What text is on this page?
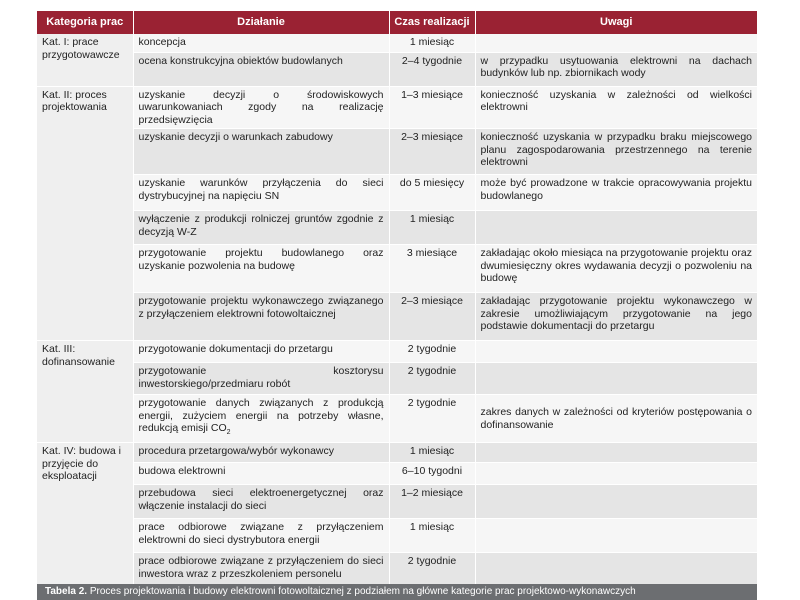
Kategoria prac	Działanie	Czas realizacji	Uwagi
Kat. I: prace przygotowawcze	koncepcja	1 miesiąc	
	ocena konstrukcyjna obiektów budowlanych	2–4 tygodnie	w przypadku usytuowania elektrowni na dachach budynków lub np. zbiornikach wody
Kat. II: proces projektowania	uzyskanie decyzji o środowiskowych uwarunkowaniach zgody na realizację przedsięwzięcia	1–3 miesiące	konieczność uzyskania w zależności od wielkości elektrowni
	uzyskanie decyzji o warunkach zabudowy	2–3 miesiące	konieczność uzyskania w przypadku braku miejscowego planu zagospodarowania przestrzennego na terenie elektrowni
	uzyskanie warunków przyłączenia do sieci dystrybucyjnej na napięciu SN	do 5 miesięcy	może być prowadzone w trakcie opracowywania projektu budowlanego
	wyłączenie z produkcji rolniczej gruntów zgodnie z decyzją W-Z	1 miesiąc	
	przygotowanie projektu budowlanego oraz uzyskanie pozwolenia na budowę	3 miesiące	zakładając około miesiąca na przygotowanie projektu oraz dwumiesięczny okres wydawania decyzji o pozwoleniu na budowę
	przygotowanie projektu wykonawczego związanego z przyłączeniem elektrowni fotowoltaicznej	2–3 miesiące	zakładając przygotowanie projektu wykonawczego w zakresie umożliwiającym przygotowanie na jego podstawie dokumentacji do przetargu
Kat. III: dofinansowanie	przygotowanie dokumentacji do przetargu	2 tygodnie	
	przygotowanie kosztorysu inwestorskiego/przedmiaru robót	2 tygodnie	
	przygotowanie danych związanych z produkcją energii, zużyciem energii na potrzeby własne, redukcją emisji $CO_2$	2 tygodnie	zakres danych w zależności od kryteriów postępowania o dofinansowanie
Kat. IV: budowa i przyjęcie do eksploatacji	procedura przetargowa/wybór wykonawcy	1 miesiąc	
	budowa elektrowni	6–10 tygodni	
	przebudowa sieci elektroenergetycznej oraz włączenie instalacji do sieci	1–2 miesiące	
	prace odbiorowe związane z przyłączeniem elektrowni do sieci dystrybutora energii	1 miesiąc	
	prace odbiorowe związane z przyłączeniem do sieci inwestora wraz z przeszkoleniem personelu	2 tygodnie	
Tabela 2. Proces projektowania i budowy elektrowni fotowoltaicznej z podziałem na główne kategorie prac projektowo-wykonawczych
